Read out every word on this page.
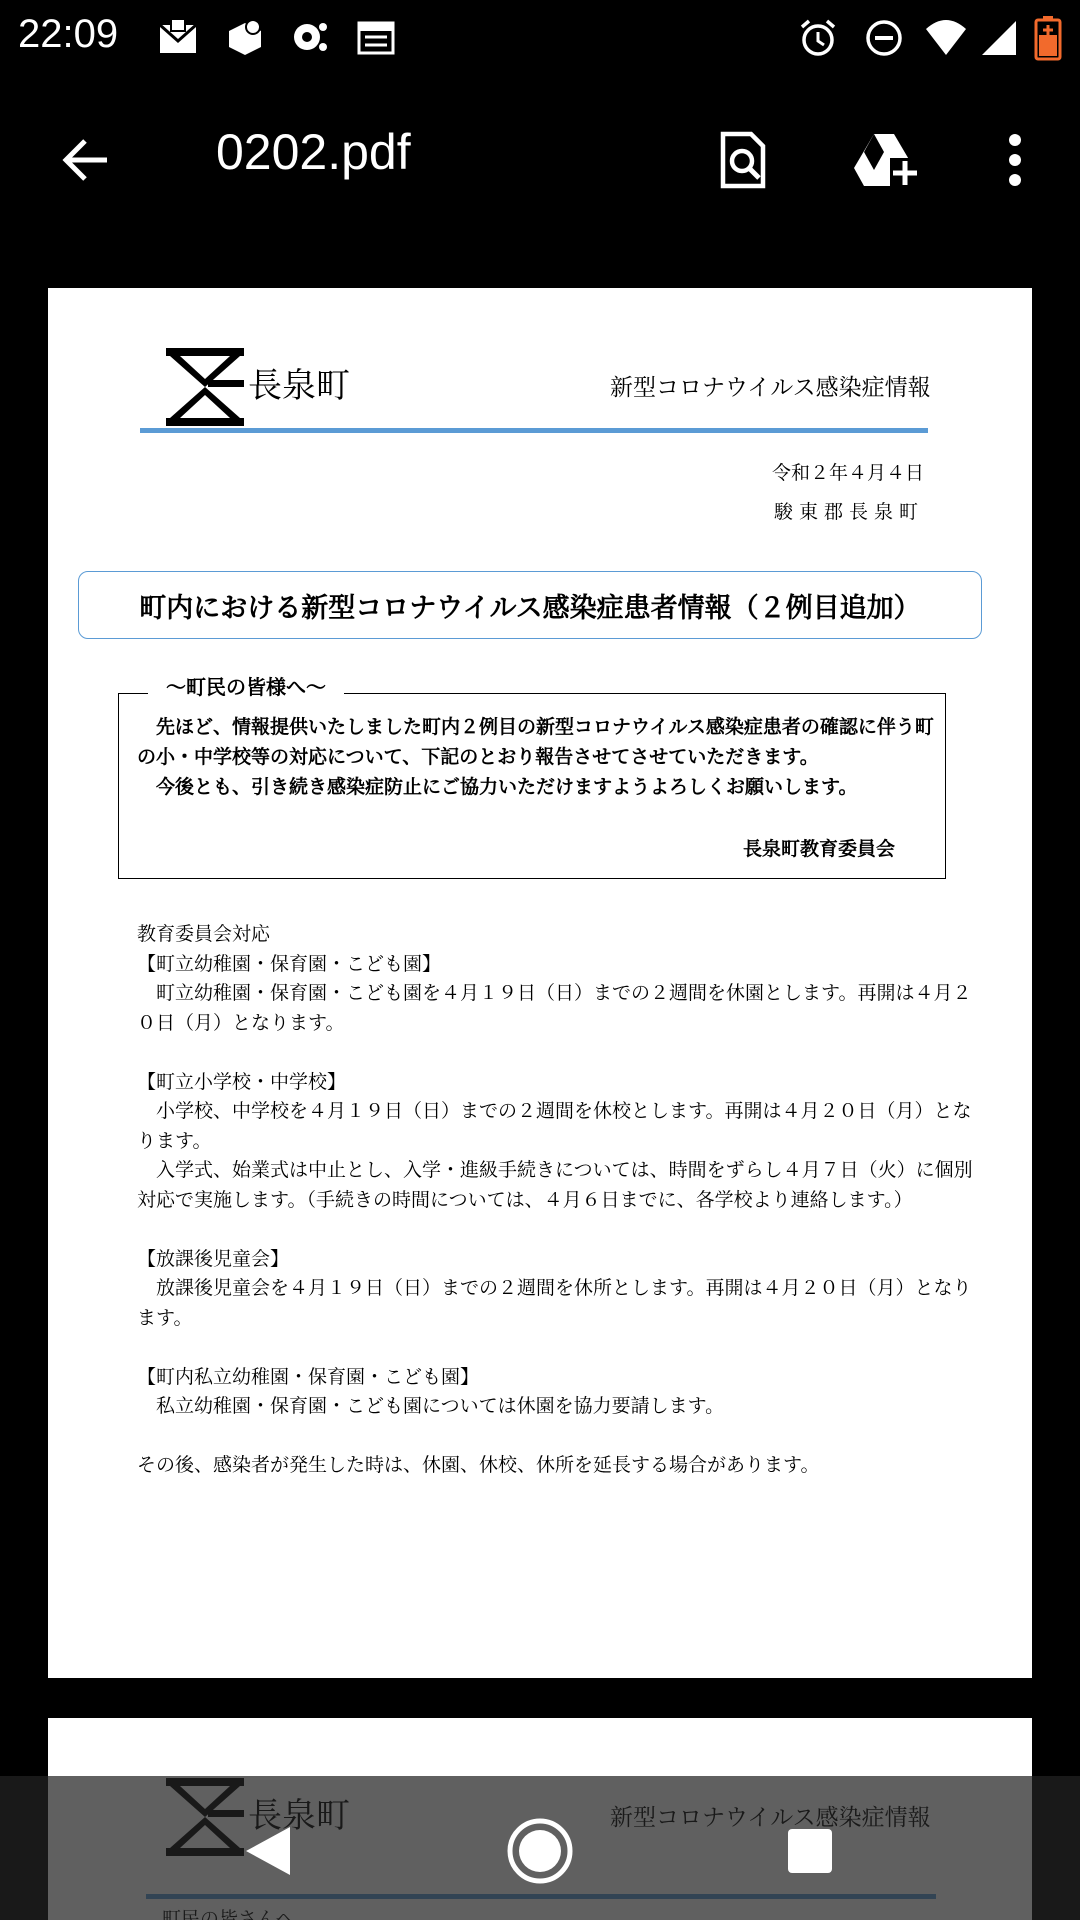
22:09
0202.pdf
長泉町	新型コロナウイルス感染症情報
令和２年４月４日
駿東郡長泉町
町内における新型コロナウイルス感染症患者情報（２例目追加）
先ほど、情報提供いたしました町内２例目の新型コロナウイルス感染症患者の確認に伴う町の小・中学校等の対応について、下記のとおり報告させてさせていただきます。
今後とも、引き続き感染症防止にご協力いただけますようよろしくお願いします。
長泉町教育委員会
〜町民の皆様へ〜

教育委員会対応

【町立幼稚園・保育園・こども園】

町立幼稚園・保育園・こども園を４月１９日（日）までの２週間を休園とします。再開は４月２０日（月）となります。

【町立小学校・中学校】

小学校、中学校を４月１９日（日）までの２週間を休校とします。再開は４月２０日（月）となります。

入学式、始業式は中止とし、入学・進級手続きについては、時間をずらし４月７日（火）に個別対応で実施します。（手続きの時間については、４月６日までに、各学校より連絡します。）

【放課後児童会】

放課後児童会を４月１９日（日）までの２週間を休所とします。再開は４月２０日（月）となります。

【町内私立幼稚園・保育園・こども園】

私立幼稚園・保育園・こども園については休園を協力要請します。

その後、感染者が発生した時は、休園、休校、休所を延長する場合があります。
